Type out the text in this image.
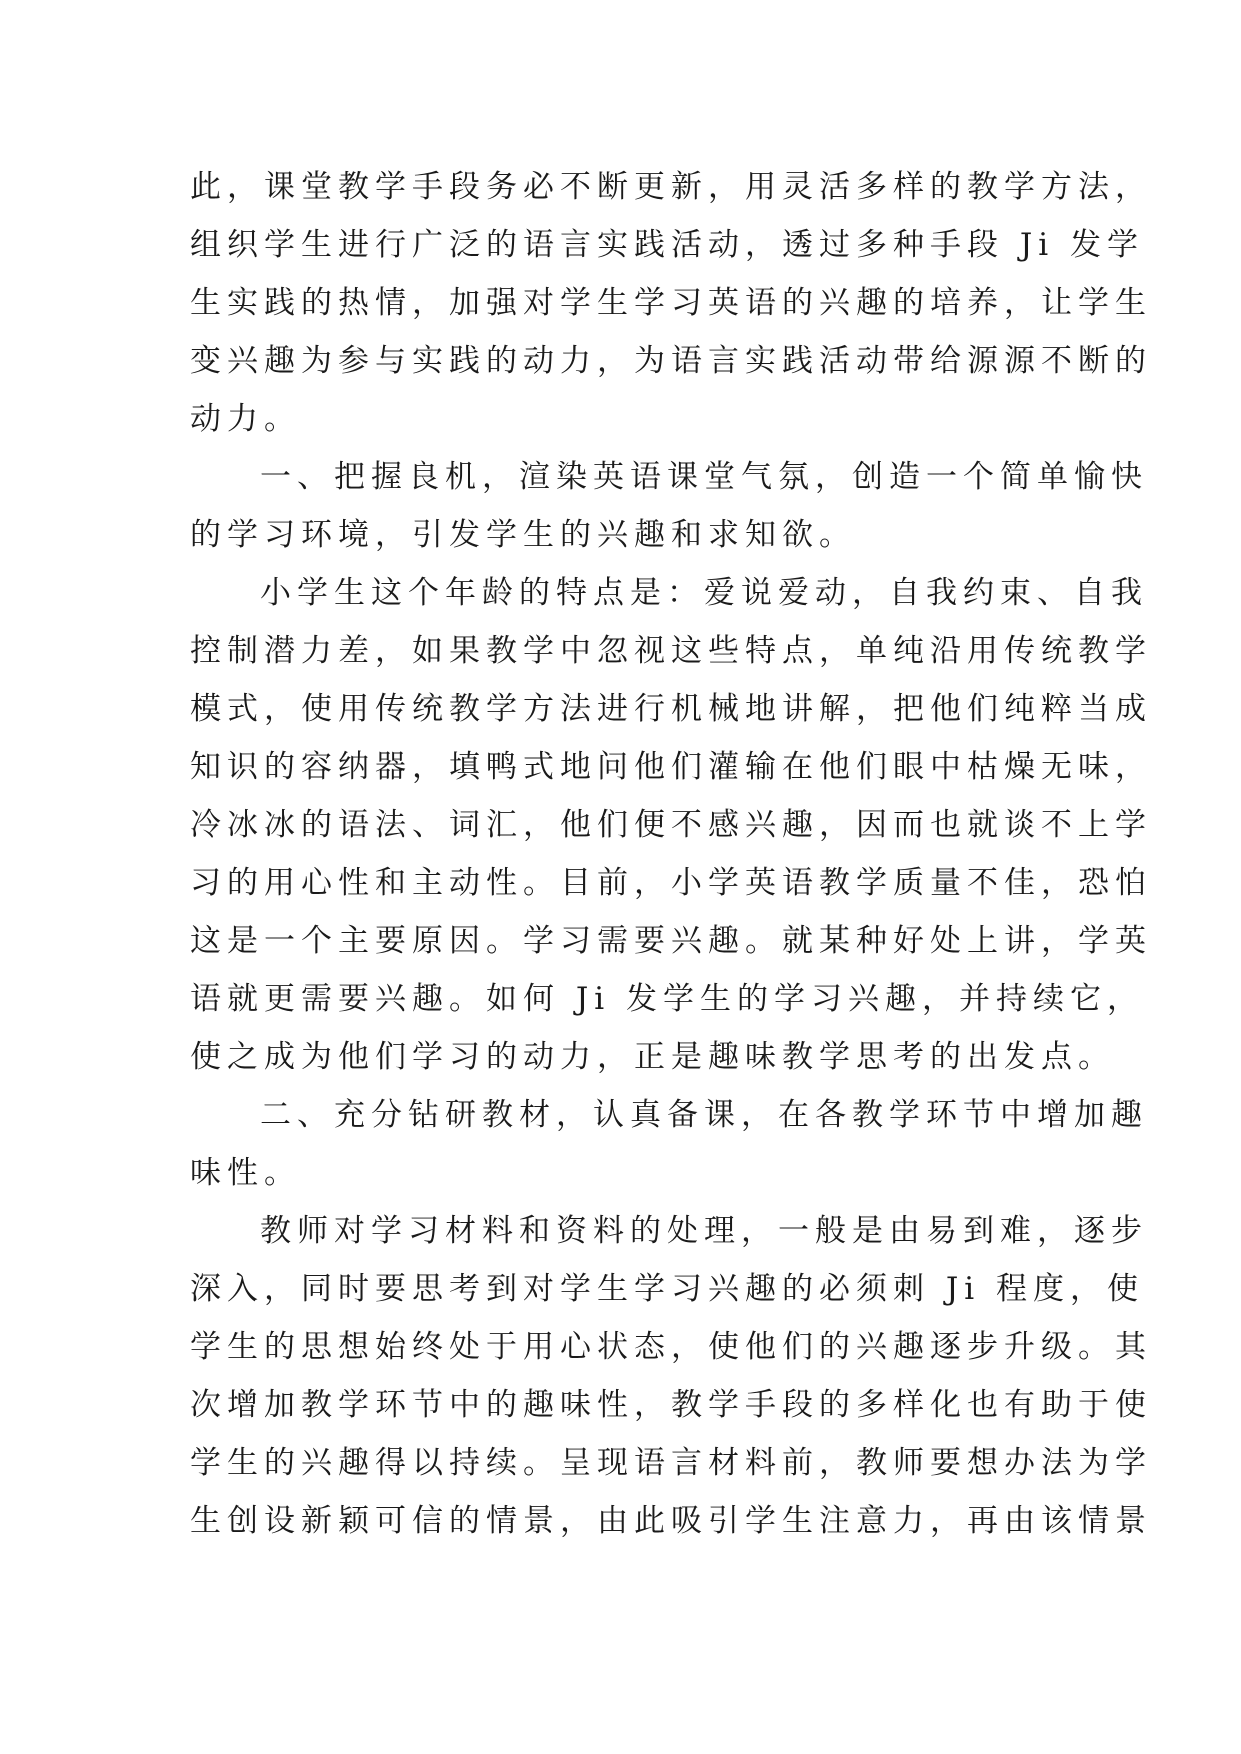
此，课堂教学手段务必不断更新，用灵活多样的教学方法，
组织学生进行广泛的语言实践活动，透过多种手段 Ji 发学
生实践的热情，加强对学生学习英语的兴趣的培养，让学生
变兴趣为参与实践的动力，为语言实践活动带给源源不断的
动力。
一、把握良机，渲染英语课堂气氛，创造一个简单愉快
的学习环境，引发学生的兴趣和求知欲。
小学生这个年龄的特点是：爱说爱动，自我约束、自我
控制潜力差，如果教学中忽视这些特点，单纯沿用传统教学
模式，使用传统教学方法进行机械地讲解，把他们纯粹当成
知识的容纳器，填鸭式地问他们灌输在他们眼中枯燥无味，
冷冰冰的语法、词汇，他们便不感兴趣，因而也就谈不上学
习的用心性和主动性。目前，小学英语教学质量不佳，恐怕
这是一个主要原因。学习需要兴趣。就某种好处上讲，学英
语就更需要兴趣。如何 Ji 发学生的学习兴趣，并持续它，
使之成为他们学习的动力，正是趣味教学思考的出发点。
二、充分钻研教材，认真备课，在各教学环节中增加趣
味性。
教师对学习材料和资料的处理，一般是由易到难，逐步
深入，同时要思考到对学生学习兴趣的必须刺 Ji 程度，使
学生的思想始终处于用心状态，使他们的兴趣逐步升级。其
次增加教学环节中的趣味性，教学手段的多样化也有助于使
学生的兴趣得以持续。呈现语言材料前，教师要想办法为学
生创设新颖可信的情景，由此吸引学生注意力，再由该情景
